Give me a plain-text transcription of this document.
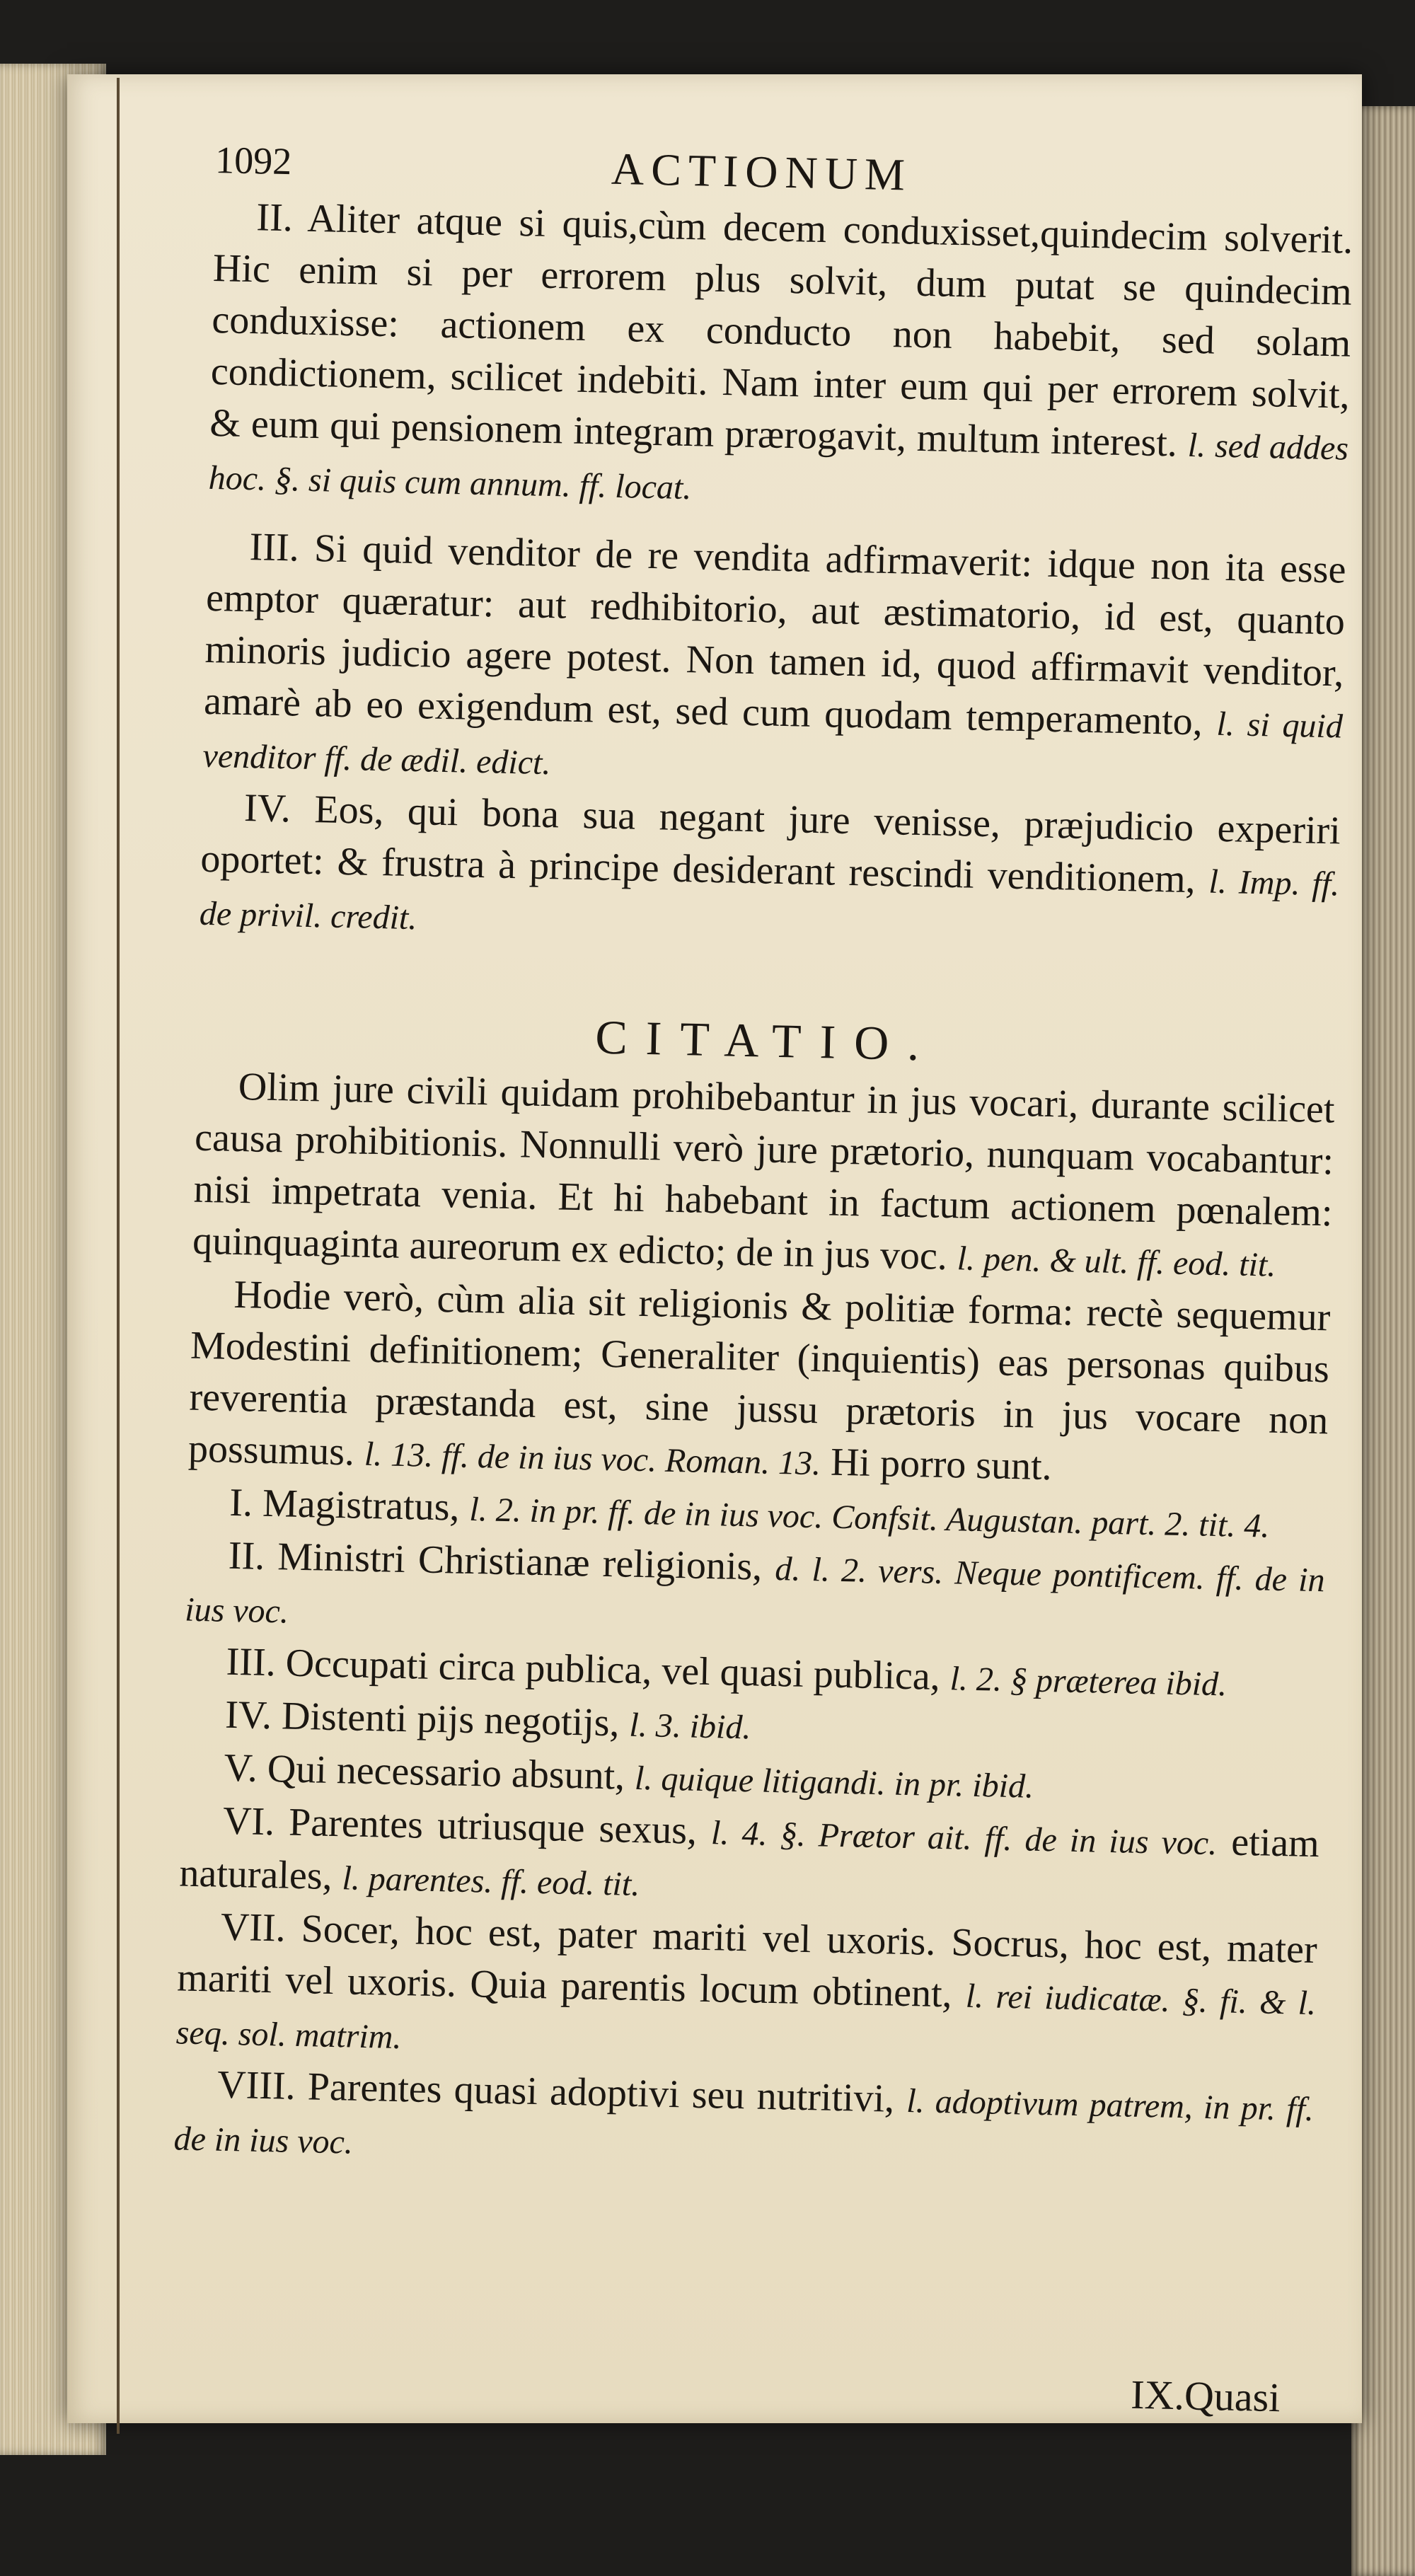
1092	ACTIONUM

II. Aliter atque si quis,cùm decem conduxisset,quindecim solverit. Hic enim si per errorem plus solvit, dum putat se quindecim conduxisse: actionem ex conducto non habebit, sed solam condictionem, scilicet indebiti. Nam inter eum qui per errorem solvit, & eum qui pensionem integram prærogavit, multum interest. l. sed addes hoc. §. si quis cum annum. ff. locat.

III. Si quid venditor de re vendita adfirmaverit: idque non ita esse emptor quæratur: aut redhibitorio, aut æstimatorio, id est, quanto minoris judicio agere potest. Non tamen id, quod affirmavit venditor, amarè ab eo exigendum est, sed cum quodam temperamento, l. si quid venditor ff. de ædil. edict.

IV. Eos, qui bona sua negant jure venisse, præjudicio experiri oportet: & frustra à principe desiderant rescindi venditionem, l. Imp. ff. de privil. credit.

CITATIO.

Olim jure civili quidam prohibebantur in jus vocari, durante scilicet causa prohibitionis. Nonnulli verò jure prætorio, nunquam vocabantur: nisi impetrata venia. Et hi habebant in factum actionem pœnalem: quinquaginta aureorum ex edicto; de in jus voc. l. pen. & ult. ff. eod. tit.

Hodie verò, cùm alia sit religionis & politiæ forma: rectè sequemur Modestini definitionem; Generaliter (inquientis) eas personas quibus reverentia præstanda est, sine jussu prætoris in jus vocare non possumus. l. 13. ff. de in ius voc. Roman. 13. Hi porro sunt.

I. Magistratus, l. 2. in pr. ff. de in ius voc. Confsit. Augustan. part. 2. tit. 4.

II. Ministri Christianæ religionis, d. l. 2. vers. Neque pontificem. ff. de in ius voc.

III. Occupati circa publica, vel quasi publica, l. 2. § præterea ibid.

IV. Distenti pijs negotijs, l. 3. ibid.

V. Qui necessario absunt, l. quique litigandi. in pr. ibid.

VI. Parentes utriusque sexus, l. 4. §. Prætor ait. ff. de in ius voc. etiam naturales, l. parentes. ff. eod. tit.

VII. Socer, hoc est, pater mariti vel uxoris. Socrus, hoc est, mater mariti vel uxoris. Quia parentis locum obtinent, l. rei iudicatæ. §. fi. & l. seq. sol. matrim.

VIII. Parentes quasi adoptivi seu nutritivi, l. adoptivum patrem, in pr. ff. de in ius voc.

IX.Quasi
